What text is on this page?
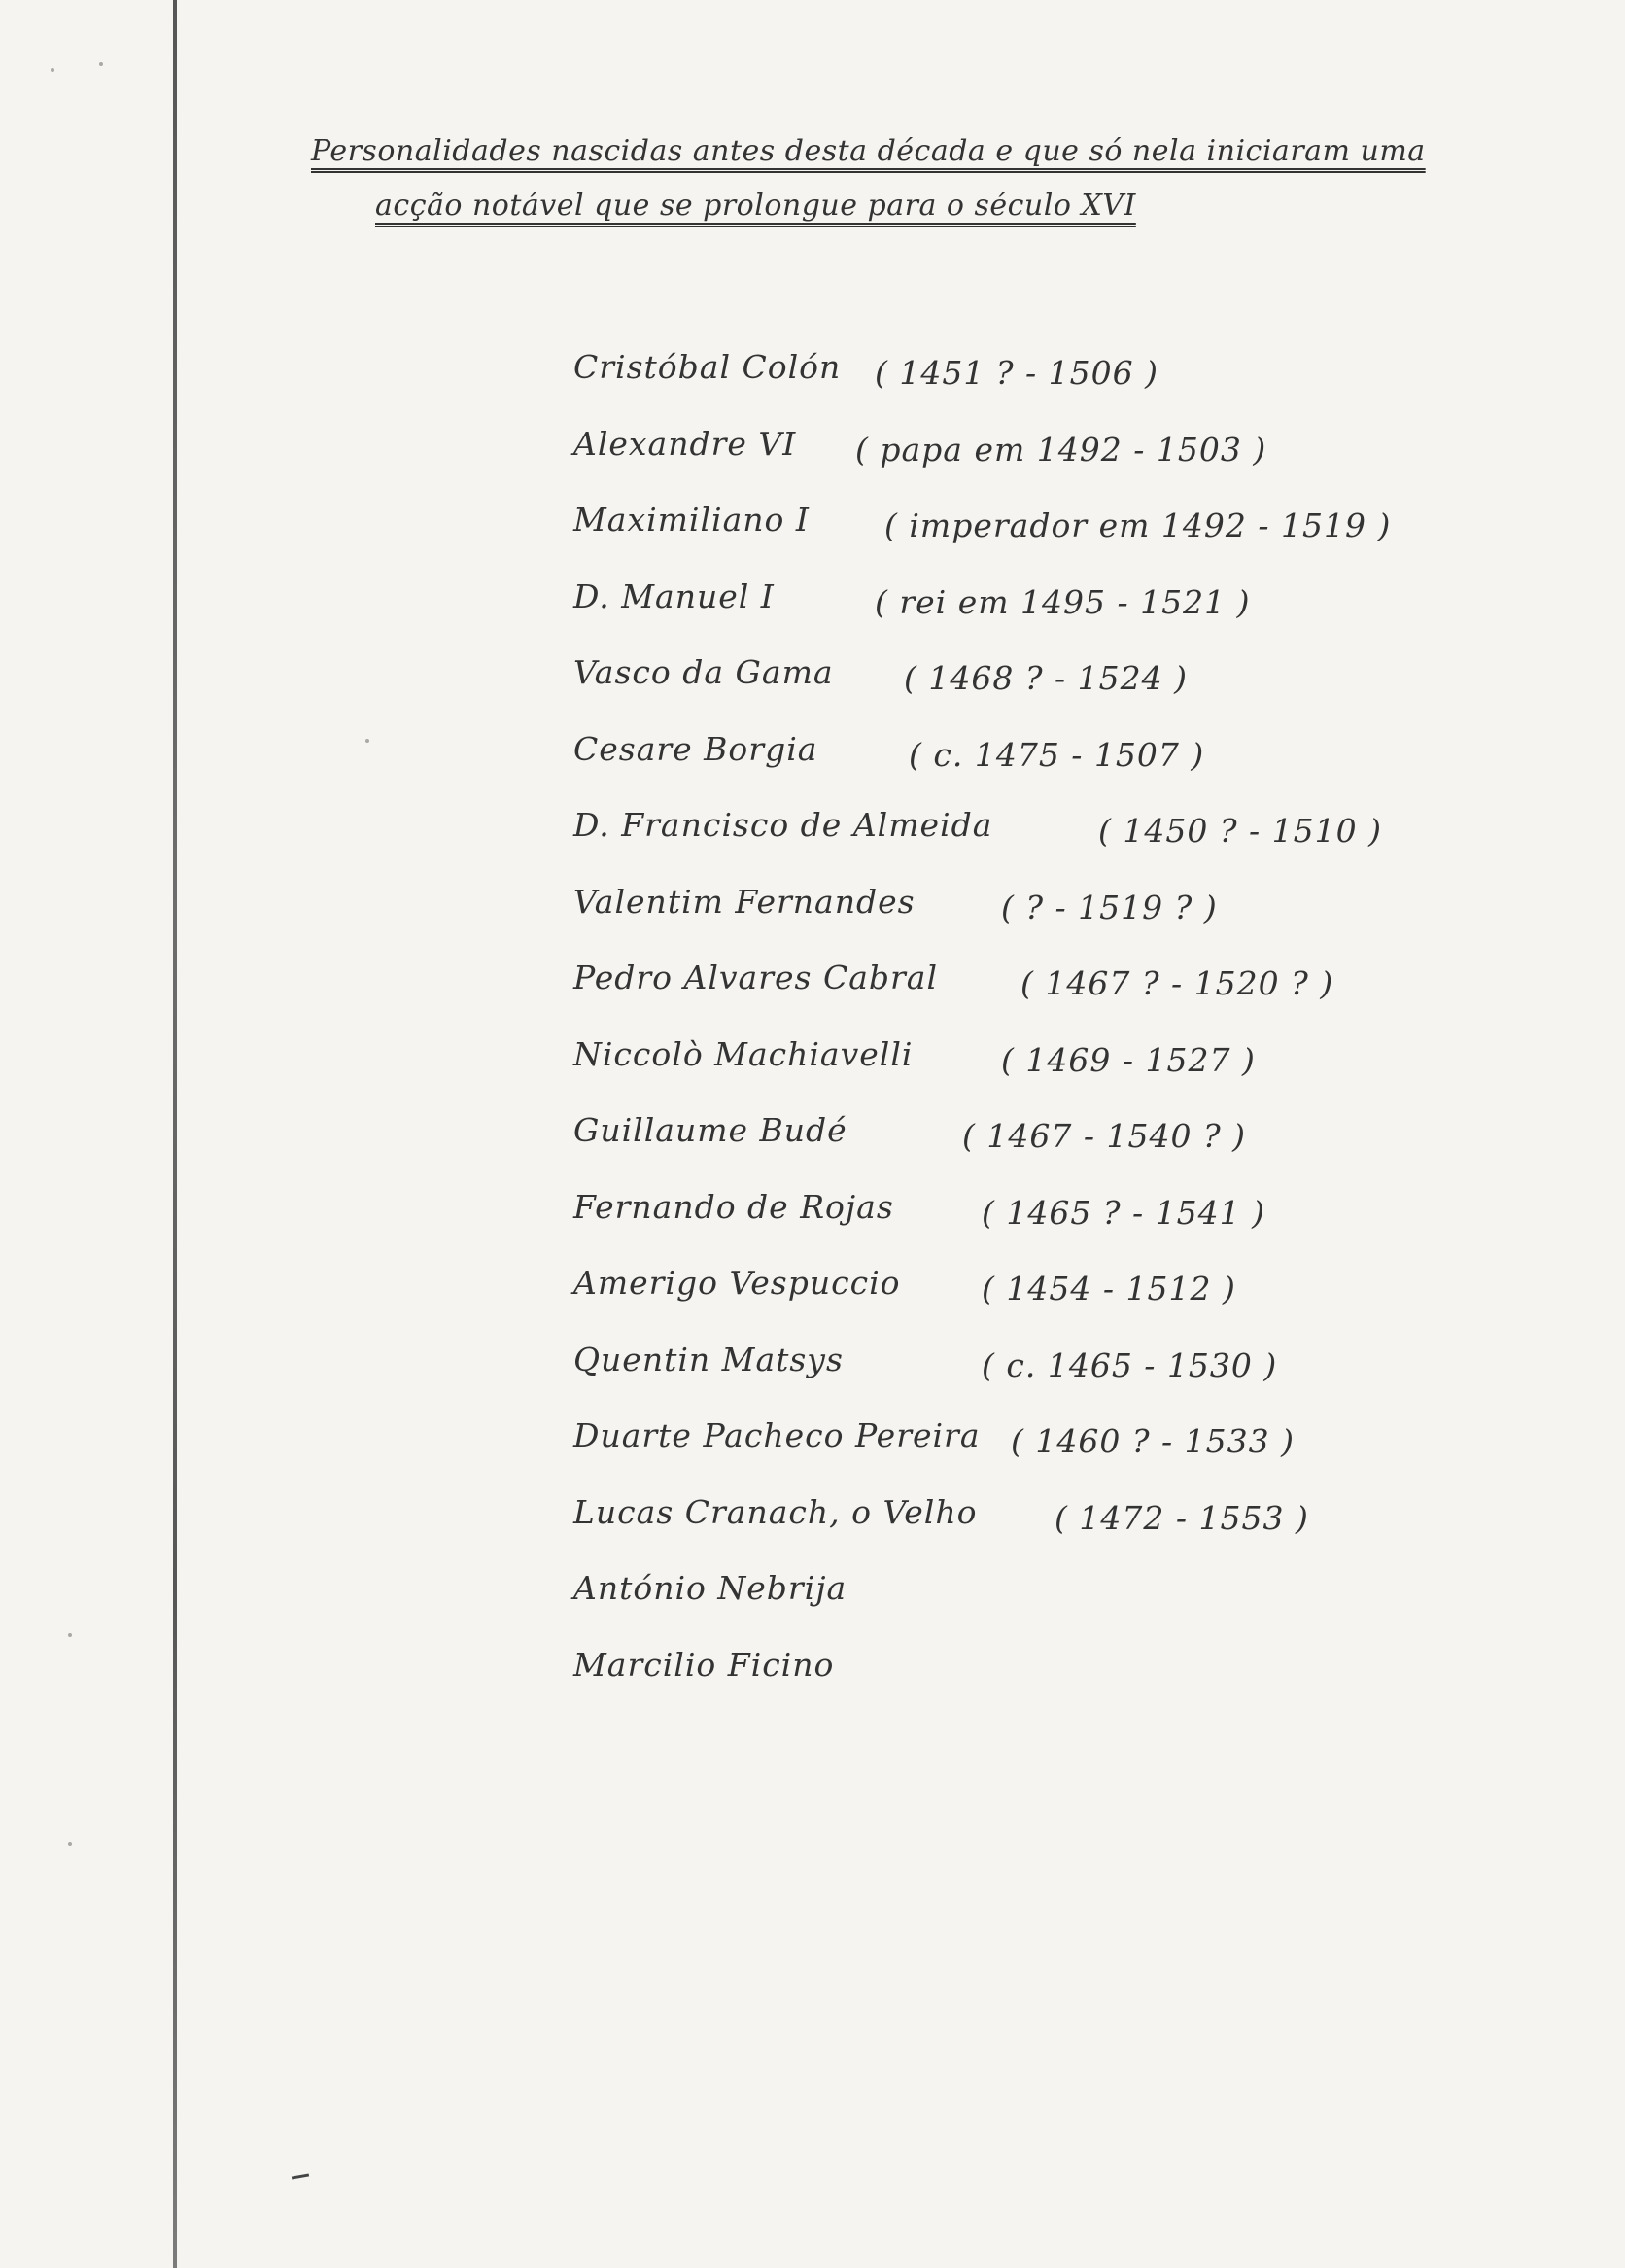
Personalidades nascidas antes desta década e que só nela iniciaram uma
acção notável que se prolongue para o século XVI
Cristóbal Colón ( 1451 ? - 1506 )
Alexandre VI ( papa em 1492 - 1503 )
Maximiliano I ( imperador em 1492 - 1519 )
D. Manuel I	( rei em 1495 - 1521 )
Vasco da Gama ( 1468 ? - 1524 )
Cesare Borgia	( c. 1475 - 1507 )
D. Francisco de Almeida	( 1450 ? - 1510 )
Valentim Fernandes	( ? - 1519 ? )
Pedro Alvares Cabral	( 1467 ? - 1520 ? )
Niccolò Machiavelli	( 1469 - 1527 )
Guillaume Budé	( 1467 - 1540 ? )
Fernando de Rojas	( 1465 ? - 1541 )
Amerigo Vespuccio	( 1454 - 1512 )
Quentin Matsys	( c. 1465 - 1530 )
Duarte Pacheco Pereira ( 1460 ? - 1533 )
Lucas Cranach, o Velho ( 1472 - 1553 )
António Nebrija
Marcilio Ficino
